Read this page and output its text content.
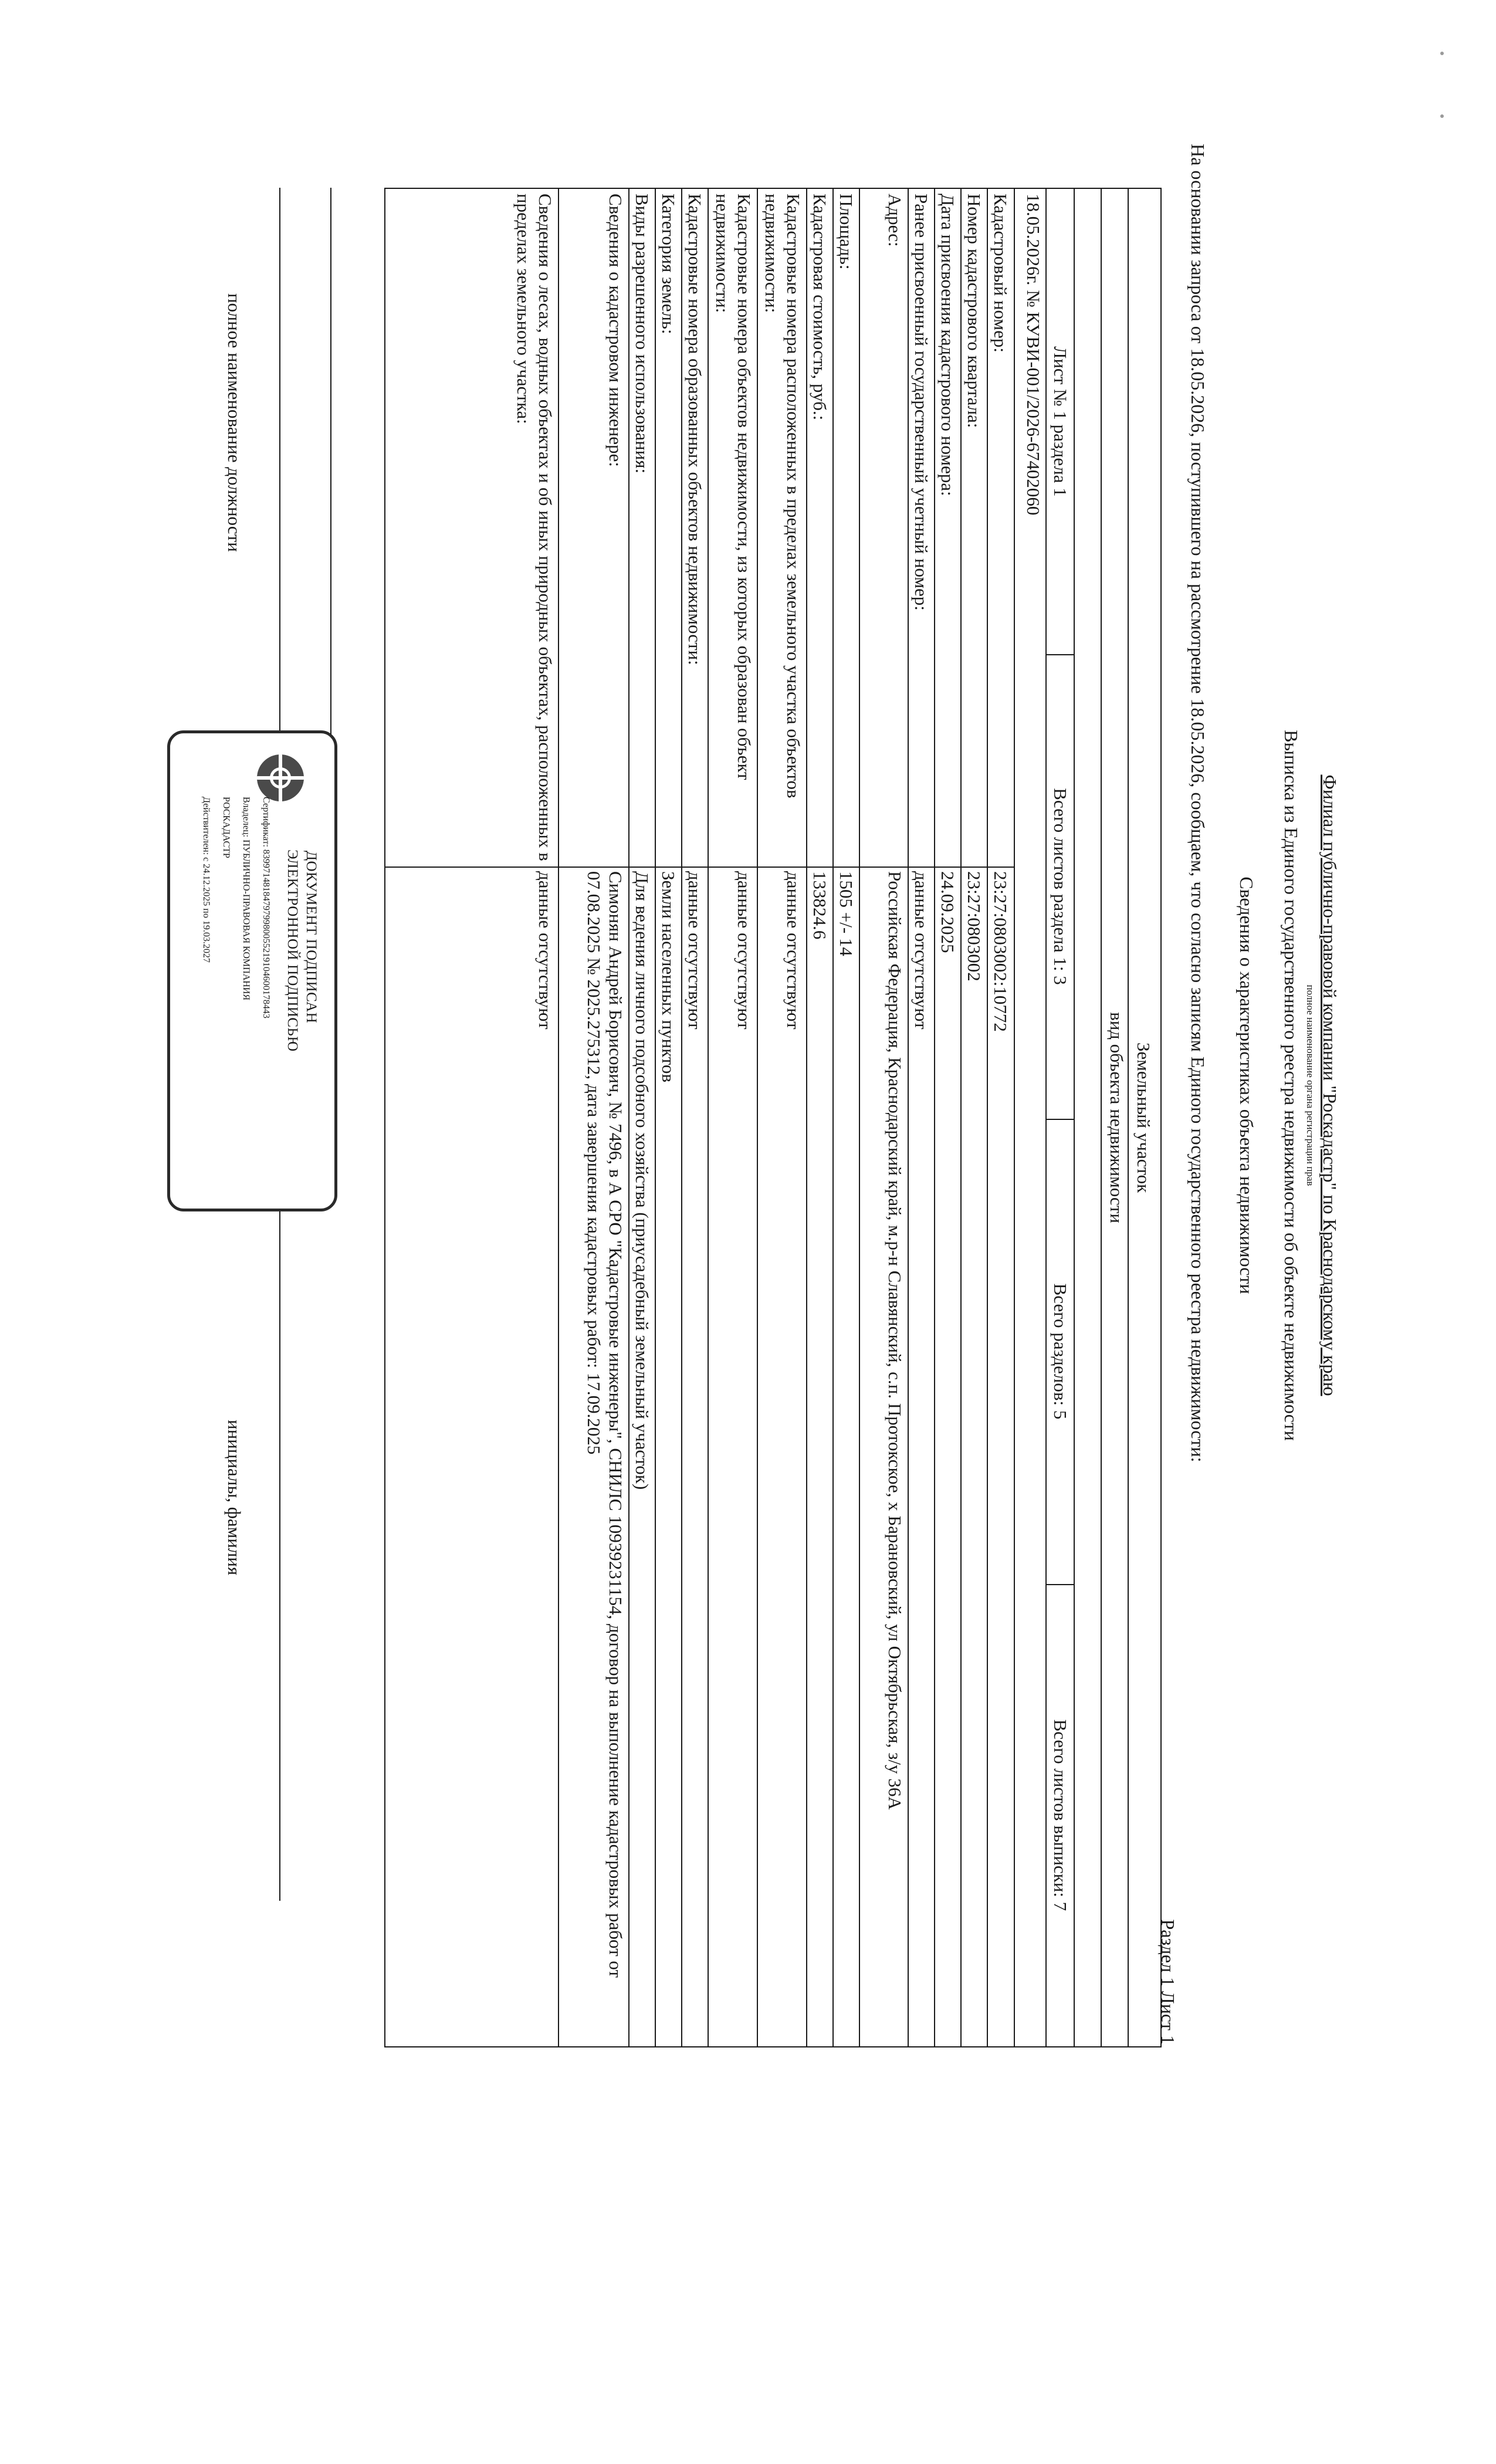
Филиал публично-правовой компании "Роскадастр" по Краснодарскому краю
полное наименование органа регистрации прав
Выписка из Единого государственного реестра недвижимости об объекте недвижимости
Сведения о характеристиках объекта недвижимости
На основании запроса от 18.05.2026, поступившего на рассмотрение 18.05.2026, сообщаем, что согласно записям Единого государственного реестра недвижимости:
Раздел 1 Лист 1
Земельный участок
вид объекта недвижимости
Лист № 1 раздела 1
Всего листов раздела 1: 3
Всего разделов: 5
Всего листов выписки: 7
18.05.2026г. № КУВИ-001/2026-67402060
Кадастровый номер:
23:27:0803002:10772
Номер кадастрового квартала:
23:27:0803002
Дата присвоения кадастрового номера:
24.09.2025
Ранее присвоенный государственный учетный номер:
данные отсутствуют
Адрес:
Российская Федерация, Краснодарский край, м.р-н Славянский, с.п. Протокское, х Барановский, ул Октябрьская, з/у 36А
Площадь:
1505 +/- 14
Кадастровая стоимость, руб.:
133824.6
Кадастровые номера расположенных в пределах земельного участка объектов недвижимости:
данные отсутствуют
Кадастровые номера объектов недвижимости, из которых образован объект недвижимости:
данные отсутствуют
Кадастровые номера образованных объектов недвижимости:
данные отсутствуют
Категория земель:
Земли населенных пунктов
Виды разрешенного использования:
Для ведения личного подсобного хозяйства (приусадебный земельный участок)
Сведения о кадастровом инженере:
Симонян Андрей Борисович, № 7496, в А СРО "Кадастровые инженеры", СНИЛС 10939231154, договор на выполнение кадастровых работ от 07.08.2025 № 2025.275312, дата завершения кадастровых работ: 17.09.2025
Сведения о лесах, водных объектах и об иных природных объектах, расположенных в пределах земельного участка:
данные отсутствуют
полное наименование должности
инициалы, фамилия
ДОКУМЕНТ ПОДПИСАН
ЭЛЕКТРОННОЙ ПОДПИСЬЮ
Сертификат: 839971481847979980055219104600178443
Владелец: ПУБЛИЧНО-ПРАВОВАЯ КОМПАНИЯ
РОСКАДАСТР
Действителен: с 24.12.2025 по 19.03.2027
